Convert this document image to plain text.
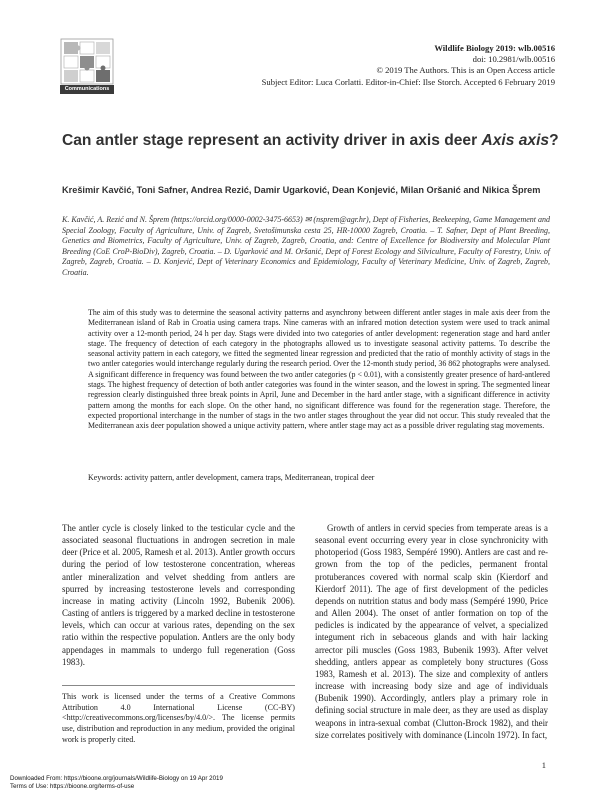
Communications
Wildlife Biology 2019: wlb.00516
doi: 10.2981/wlb.00516
© 2019 The Authors. This is an Open Access article
Subject Editor: Luca Corlatti. Editor-in-Chief: Ilse Storch. Accepted 6 February 2019
Can antler stage represent an activity driver in axis deer Axis axis?
Krešimir Kavčić, Toni Safner, Andrea Rezić, Damir Ugarković, Dean Konjević, Milan Oršanić and Nikica Šprem
K. Kavčić, A. Rezić and N. Šprem (https://orcid.org/0000-0002-3475-6653) ✉ (nsprem@agr.hr), Dept of Fisheries, Beekeeping, Game Management and Special Zoology, Faculty of Agriculture, Univ. of Zagreb, Svetošimunska cesta 25, HR-10000 Zagreb, Croatia. – T. Safner, Dept of Plant Breeding, Genetics and Biometrics, Faculty of Agriculture, Univ. of Zagreb, Zagreb, Croatia, and: Centre of Excellence for Biodiversity and Molecular Plant Breeding (CoE CroP-BioDiv), Zagreb, Croatia. – D. Ugarković and M. Oršanić, Dept of Forest Ecology and Silviculture, Faculty of Forestry, Univ. of Zagreb, Zagreb, Croatia. – D. Konjević, Dept of Veterinary Economics and Epidemiology, Faculty of Veterinary Medicine, Univ. of Zagreb, Zagreb, Croatia.
The aim of this study was to determine the seasonal activity patterns and asynchrony between different antler stages in male axis deer from the Mediterranean island of Rab in Croatia using camera traps. Nine cameras with an infrared motion detection system were used to track animal activity over a 12-month period, 24 h per day. Stags were divided into two categories of antler development: regeneration stage and hard antler stage. The frequency of detection of each category in the photographs allowed us to investigate seasonal activity patterns. To describe the seasonal activity pattern in each category, we fitted the segmented linear regression and predicted that the ratio of monthly activity of stags in the two antler categories would interchange regularly during the research period. Over the 12-month study period, 36 862 photographs were analysed. A significant difference in frequency was found between the two antler categories (p < 0.01), with a consistently greater presence of hard-antlered stags. The highest frequency of detection of both antler categories was found in the winter season, and the lowest in spring. The segmented linear regression clearly distinguished three break points in April, June and December in the hard antler stage, with a significant difference in activity pattern among the months for each slope. On the other hand, no significant difference was found for the regeneration stage. Therefore, the expected proportional interchange in the number of stags in the two antler stages throughout the year did not occur. This study revealed that the Mediterranean axis deer population showed a unique activity pattern, where antler stage may act as a possible driver regulating stag movements.
Keywords: activity pattern, antler development, camera traps, Mediterranean, tropical deer

The antler cycle is closely linked to the testicular cycle and the associated seasonal fluctuations in androgen secretion in male deer (Price et al. 2005, Ramesh et al. 2013). Antler growth occurs during the period of low testosterone concentration, whereas antler mineralization and velvet shedding from antlers are spurred by increasing testosterone levels and corresponding increase in mating activity (Lincoln 1992, Bubenik 2006). Casting of antlers is triggered by a marked decline in testosterone levels, which can occur at various rates, depending on the sex ratio within the respective population. Antlers are the only body appendages in mammals to undergo full regeneration (Goss 1983).

This work is licensed under the terms of a Creative Commons Attribution 4.0 International License (CC-BY) <http://creativecommons.org/licenses/by/4.0/>. The license permits use, distribution and reproduction in any medium, provided the original work is properly cited.

Growth of antlers in cervid species from temperate areas is a seasonal event occurring every year in close synchronicity with photoperiod (Goss 1983, Sempéré 1990). Antlers are cast and re-grown from the top of the pedicles, permanent frontal protuberances covered with normal scalp skin (Kierdorf and Kierdorf 2011). The age of first development of the pedicles depends on nutrition status and body mass (Sempéré 1990, Price and Allen 2004). The onset of antler formation on top of the pedicles is indicated by the appearance of velvet, a specialized integument rich in sebaceous glands and with hair lacking arrector pili muscles (Goss 1983, Bubenik 1993). After velvet shedding, antlers appear as completely bony structures (Goss 1983, Ramesh et al. 2013). The size and complexity of antlers increase with increasing body size and age of individuals (Bubenik 1990). Accordingly, antlers play a primary role in defining social structure in male deer, as they are used as display weapons in intra-sexual combat (Clutton-Brock 1982), and their size correlates positively with dominance (Lincoln 1972). In fact,

1
Downloaded From: https://bioone.org/journals/Wildlife-Biology on 19 Apr 2019
Terms of Use: https://bioone.org/terms-of-use
